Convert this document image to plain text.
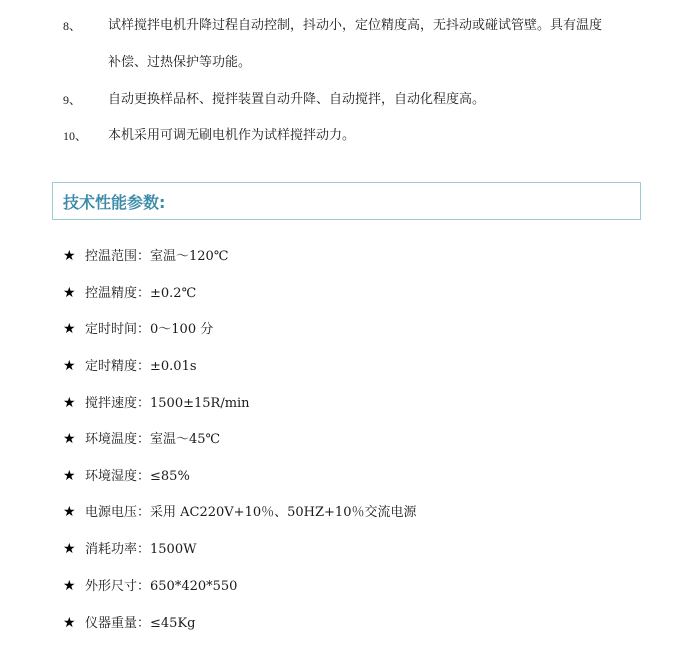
8、 试样搅拌电机升降过程自动控制，抖动小，定位精度高，无抖动或碰试管壁。具有温度
补偿、过热保护等功能。
9、 自动更换样品杯、搅拌装置自动升降、自动搅拌，自动化程度高。
10、 本机采用可调无刷电机作为试样搅拌动力。
技术性能参数:
★ 控温范围：室温～120℃
★ 控温精度：±0.2℃
★ 定时时间：0～100 分
★ 定时精度：±0.01s
★ 搅拌速度：1500±15R/min
★ 环境温度：室温～45℃
★ 环境湿度：≤85%
★ 电源电压：采用 AC220V+10％、50HZ+10％交流电源
★ 消耗功率：1500W
★ 外形尺寸：650*420*550
★ 仪器重量：≤45Kg
